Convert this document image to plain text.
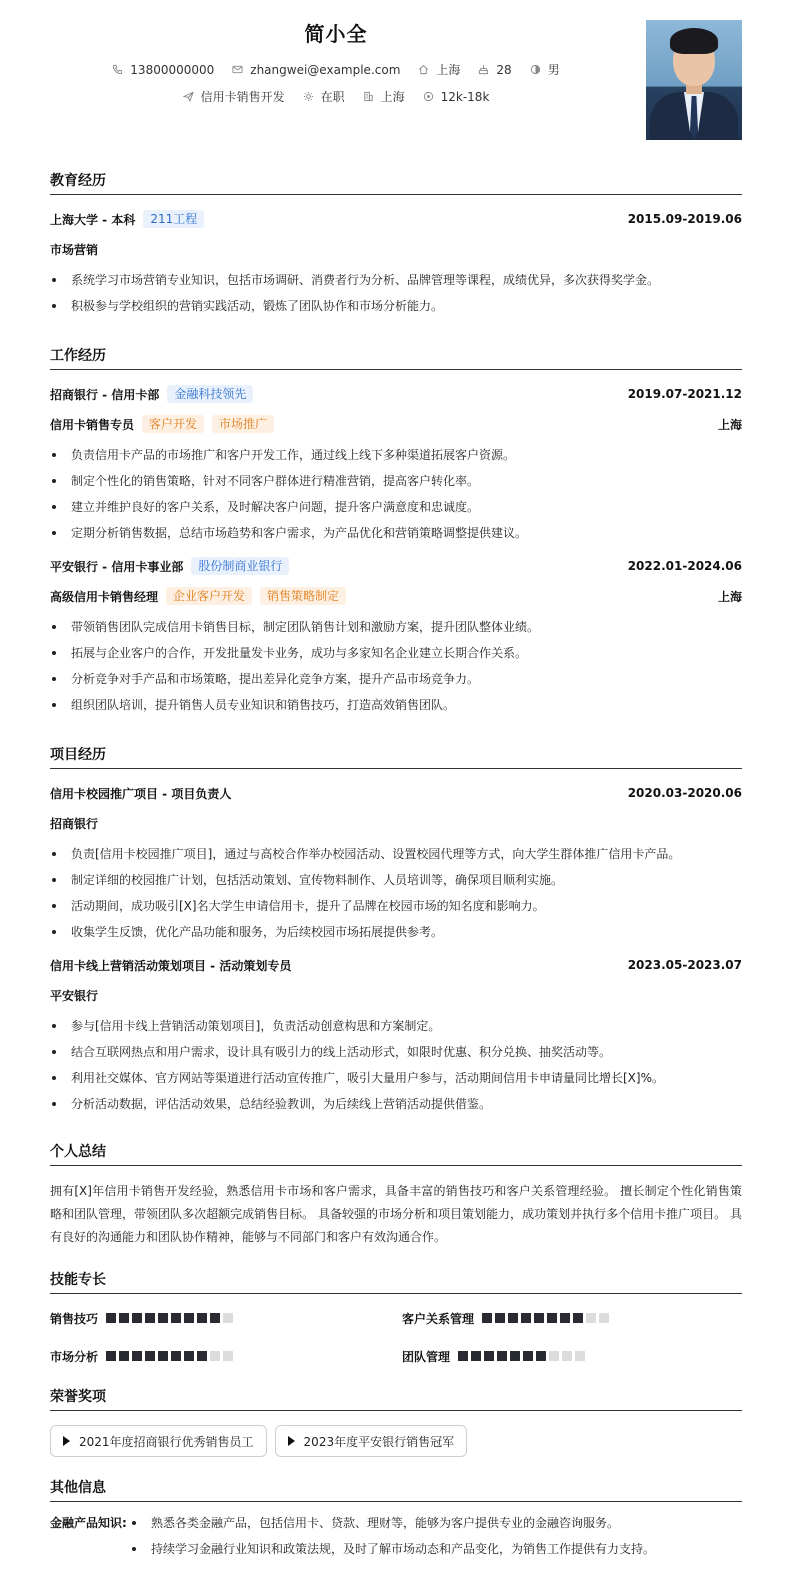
简小全
13800000000	zhangwei@example.com	上海	28	男
信用卡销售开发	在职	上海	12k-18k
教育经历
上海大学 - 本科	211工程	2015.09-2019.06
市场营销
系统学习市场营销专业知识，包括市场调研、消费者行为分析、品牌管理等课程，成绩优异，多次获得奖学金。
积极参与学校组织的营销实践活动，锻炼了团队协作和市场分析能力。
工作经历
招商银行 - 信用卡部	金融科技领先	2019.07-2021.12
信用卡销售专员	客户开发	市场推广	上海
负责信用卡产品的市场推广和客户开发工作，通过线上线下多种渠道拓展客户资源。
制定个性化的销售策略，针对不同客户群体进行精准营销，提高客户转化率。
建立并维护良好的客户关系，及时解决客户问题，提升客户满意度和忠诚度。
定期分析销售数据，总结市场趋势和客户需求，为产品优化和营销策略调整提供建议。
平安银行 - 信用卡事业部	股份制商业银行	2022.01-2024.06
高级信用卡销售经理	企业客户开发	销售策略制定	上海
带领销售团队完成信用卡销售目标，制定团队销售计划和激励方案，提升团队整体业绩。
拓展与企业客户的合作，开发批量发卡业务，成功与多家知名企业建立长期合作关系。
分析竞争对手产品和市场策略，提出差异化竞争方案，提升产品市场竞争力。
组织团队培训，提升销售人员专业知识和销售技巧，打造高效销售团队。
项目经历
信用卡校园推广项目 - 项目负责人	2020.03-2020.06
招商银行
负责[信用卡校园推广项目]，通过与高校合作举办校园活动、设置校园代理等方式，向大学生群体推广信用卡产品。
制定详细的校园推广计划，包括活动策划、宣传物料制作、人员培训等，确保项目顺利实施。
活动期间，成功吸引[X]名大学生申请信用卡，提升了品牌在校园市场的知名度和影响力。
收集学生反馈，优化产品功能和服务，为后续校园市场拓展提供参考。
信用卡线上营销活动策划项目 - 活动策划专员	2023.05-2023.07
平安银行
参与[信用卡线上营销活动策划项目]，负责活动创意构思和方案制定。
结合互联网热点和用户需求，设计具有吸引力的线上活动形式，如限时优惠、积分兑换、抽奖活动等。
利用社交媒体、官方网站等渠道进行活动宣传推广，吸引大量用户参与，活动期间信用卡申请量同比增长[X]%。
分析活动数据，评估活动效果，总结经验教训，为后续线上营销活动提供借鉴。
个人总结

拥有[X]年信用卡销售开发经验，熟悉信用卡市场和客户需求，具备丰富的销售技巧和客户关系管理经验。 擅长制定个性化销售策略和团队管理，带领团队多次超额完成销售目标。 具备较强的市场分析和项目策划能力，成功策划并执行多个信用卡推广项目。 具有良好的沟通能力和团队协作精神，能够与不同部门和客户有效沟通合作。

技能专长
销售技巧	客户关系管理
市场分析	团队管理
荣誉奖项
2021年度招商银行优秀销售员工	2023年度平安银行销售冠军
其他信息
金融产品知识:	熟悉各类金融产品，包括信用卡、贷款、理财等，能够为客户提供专业的金融咨询服务。
持续学习金融行业知识和政策法规，及时了解市场动态和产品变化，为销售工作提供有力支持。
